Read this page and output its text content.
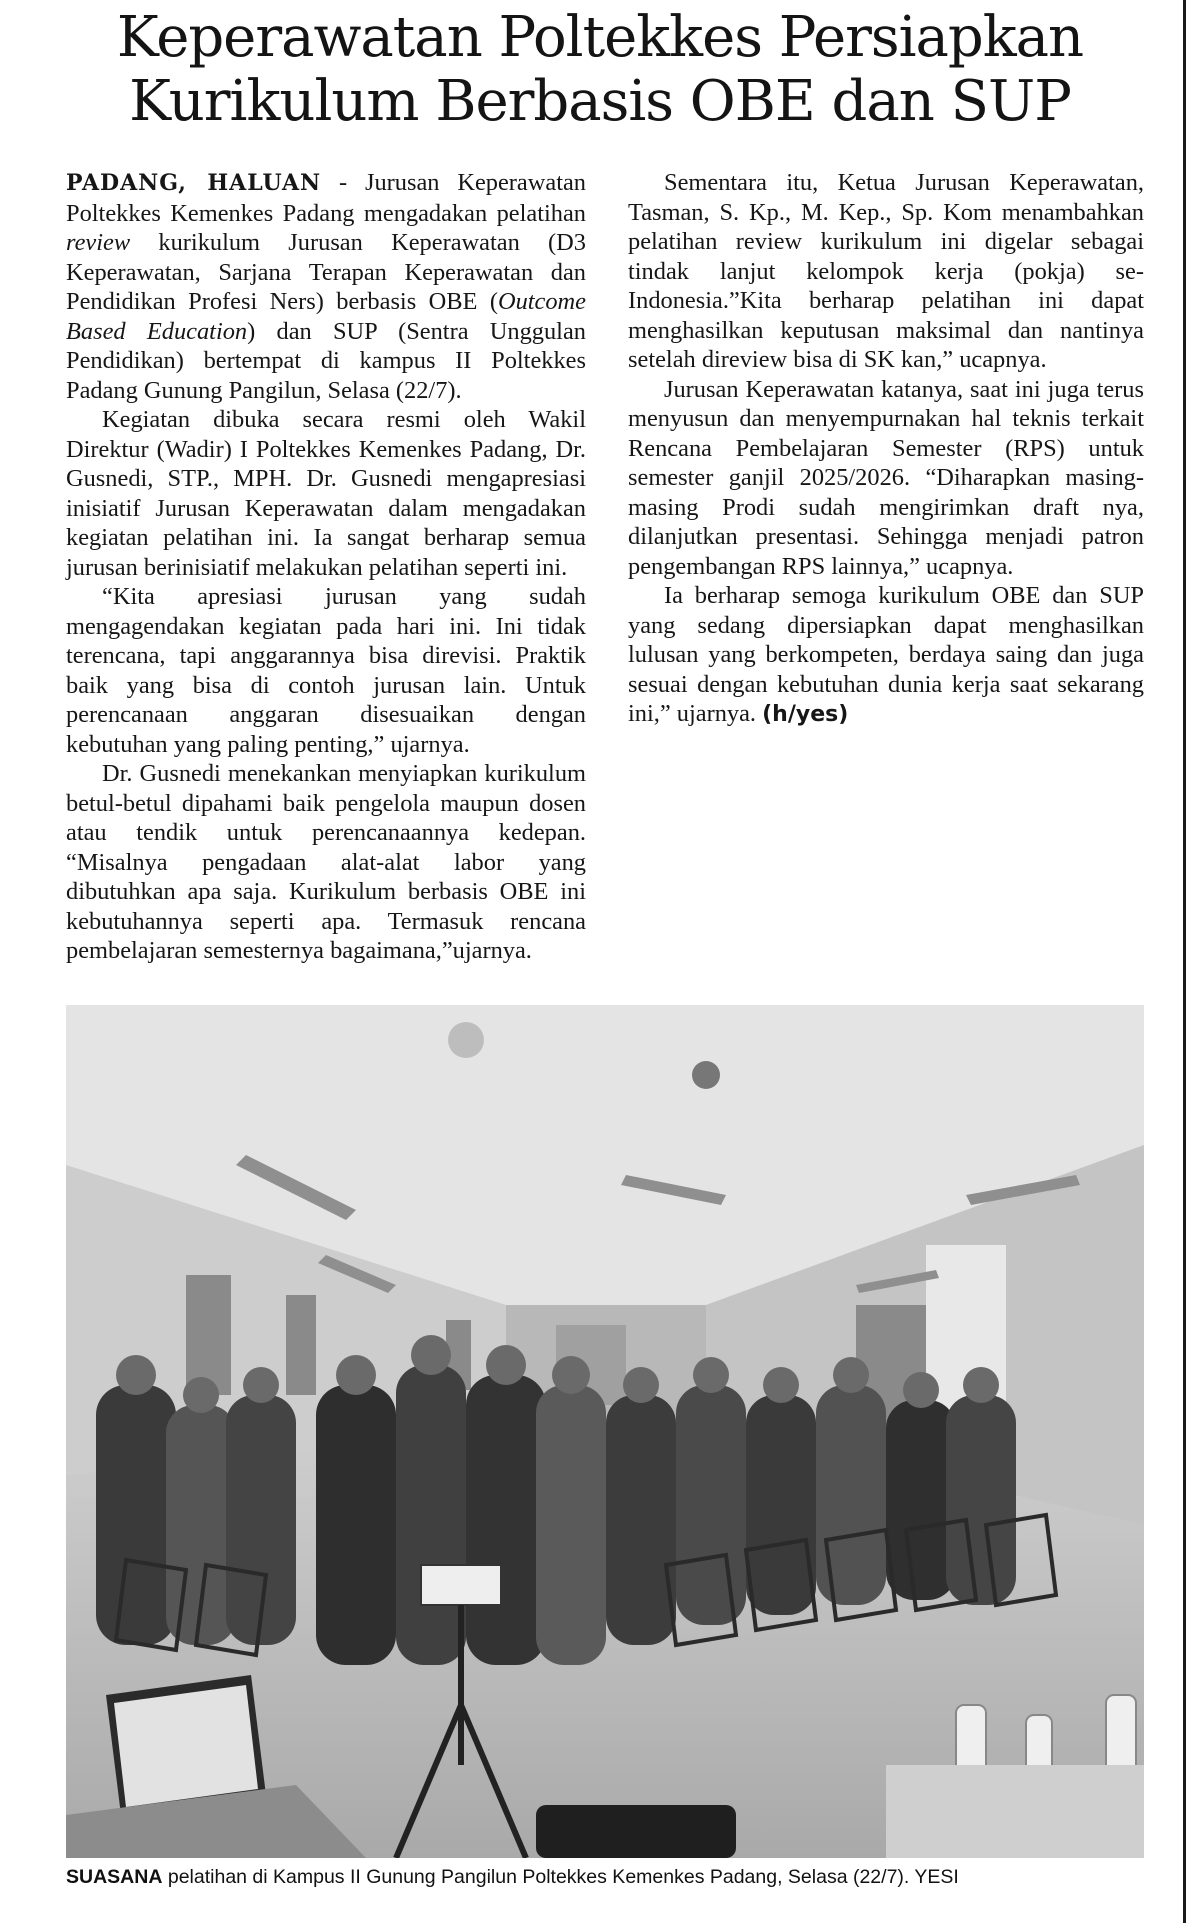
Keperawatan Poltekkes Persiapkan
Kurikulum Berbasis OBE dan SUP

PADANG, HALUAN - Jurusan Keperawatan Poltekkes Kemenkes Padang mengadakan pelatihan review kurikulum Jurusan Keperawatan (D3 Keperawatan, Sarjana Terapan Keperawatan dan Pendidikan Profesi Ners) berbasis OBE (Outcome Based Education) dan SUP (Sentra Unggulan Pendidikan) bertempat di kampus II Poltekkes Padang Gunung Pangilun, Selasa (22/7).

Kegiatan dibuka secara resmi oleh Wakil Direktur (Wadir) I Poltekkes Kemenkes Padang, Dr. Gusnedi, STP., MPH. Dr. Gusnedi mengapresiasi inisiatif Jurusan Keperawatan dalam mengadakan kegiatan pelatihan ini. Ia sangat berharap semua jurusan berinisiatif melakukan pelatihan seperti ini.

“Kita apresiasi jurusan yang sudah mengagendakan kegiatan pada hari ini. Ini tidak terencana, tapi anggarannya bisa direvisi. Praktik baik yang bisa di contoh jurusan lain. Untuk perencanaan anggaran disesuaikan dengan kebutuhan yang paling penting,” ujarnya.

Dr. Gusnedi menekankan menyiapkan kurikulum betul-betul dipahami baik pengelola maupun dosen atau tendik untuk perencanaannya kedepan. “Misalnya pengadaan alat-alat labor yang dibutuhkan apa saja. Kurikulum berbasis OBE ini kebutuhannya seperti apa. Termasuk rencana pembelajaran semesternya bagaimana,”ujarnya.

Sementara itu, Ketua Jurusan Keperawatan, Tasman, S. Kp., M. Kep., Sp. Kom menambahkan pelatihan review kurikulum ini digelar sebagai tindak lanjut kelompok kerja (pokja) se-Indonesia.”Kita berharap pelatihan ini dapat menghasilkan keputusan maksimal dan nantinya setelah direview bisa di SK kan,” ucapnya.

Jurusan Keperawatan katanya, saat ini juga terus menyusun dan menyempurnakan hal teknis terkait Rencana Pembelajaran Semester (RPS) untuk semester ganjil 2025/2026. “Diharapkan masing-masing Prodi sudah mengirimkan draft nya, dilanjutkan presentasi. Sehingga menjadi patron pengembangan RPS lainnya,” ucapnya.

Ia berharap semoga kurikulum OBE dan SUP yang sedang dipersiapkan dapat menghasilkan lulusan yang berkompeten, berdaya saing dan juga sesuai dengan kebutuhan dunia kerja saat sekarang ini,” ujarnya. (h/yes)

SUASANA pelatihan di Kampus II Gunung Pangilun Poltekkes Kemenkes Padang, Selasa (22/7). YESI
